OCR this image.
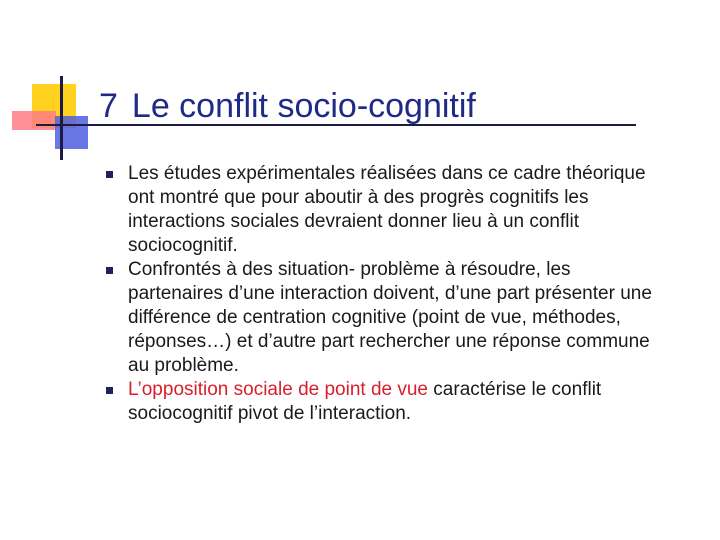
7 Le conflit socio-cognitif
Les études expérimentales réalisées dans ce cadre théorique ont montré que pour aboutir à des progrès cognitifs les interactions sociales devraient donner lieu à un conflit sociocognitif.
Confrontés à des situation- problème à résoudre, les partenaires d’une interaction doivent, d’une part présenter une différence de centration cognitive (point de vue, méthodes, réponses…) et d’autre part rechercher une réponse commune au problème.
L’opposition sociale de point de vue caractérise le conflit sociocognitif pivot de l’interaction.
